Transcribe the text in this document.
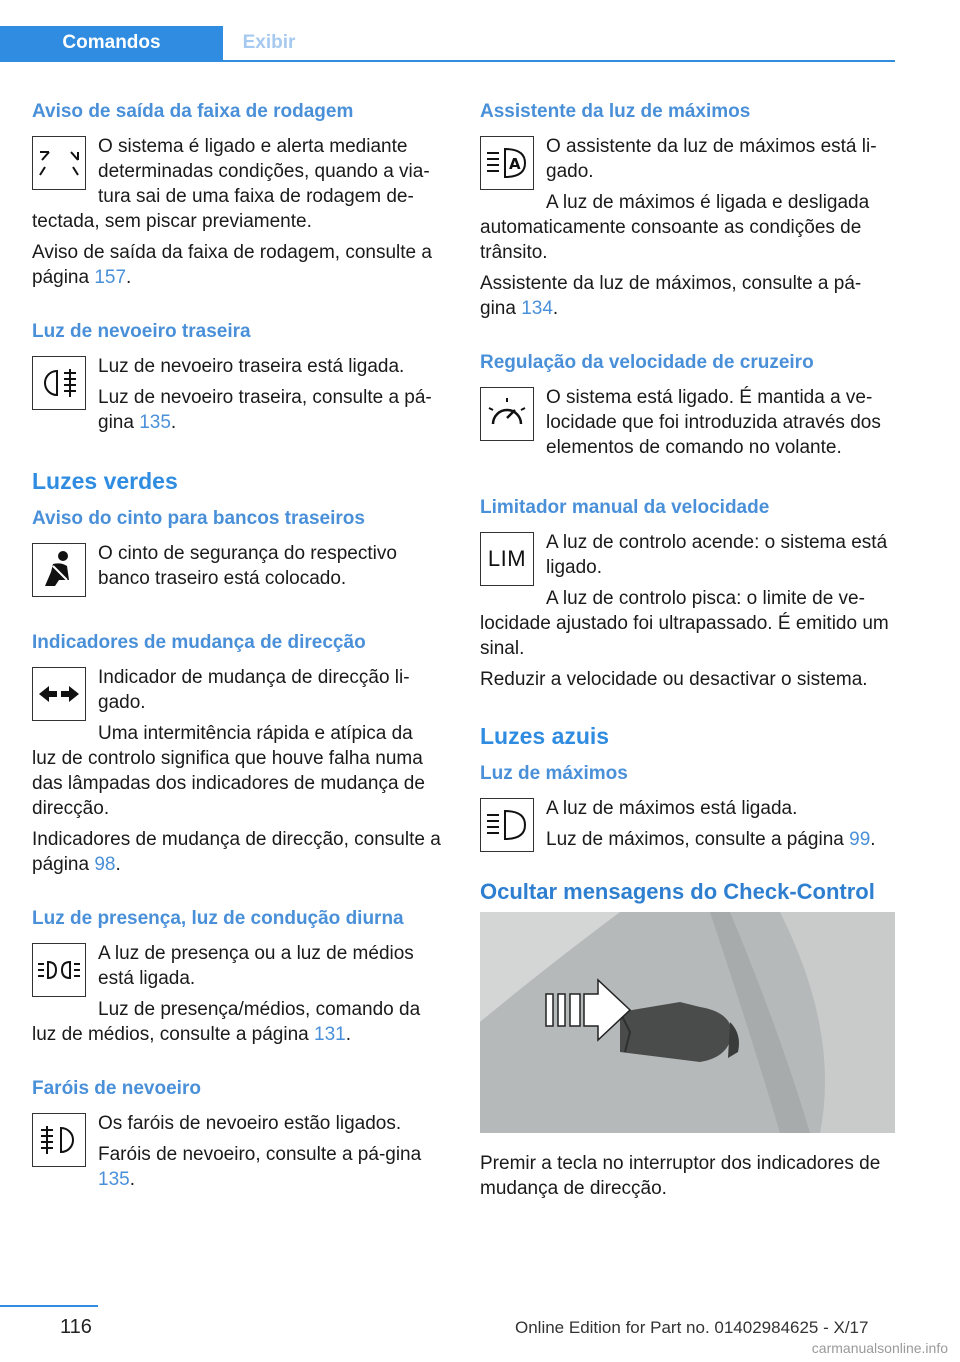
Comandos	Exibir
Aviso de saída da faixa de rodagem

O sistema é ligado e alerta mediante determinadas condições, quando a via-tura sai de uma faixa de rodagem de-

tectada, sem piscar previamente.

Aviso de saída da faixa de rodagem, consulte a página 157.

Luz de nevoeiro traseira

Luz de nevoeiro traseira está ligada.

Luz de nevoeiro traseira, consulte a pá-gina 135.

Luzes verdes
Aviso do cinto para bancos traseiros

O cinto de segurança do respectivo banco traseiro está colocado.

Indicadores de mudança de direcção

Indicador de mudança de direcção li-gado.

Uma intermitência rápida e atípica da

luz de controlo significa que houve falha numa das lâmpadas dos indicadores de mudança de direcção.

Indicadores de mudança de direcção, consulte a página 98.

Luz de presença, luz de condução diurna

A luz de presença ou a luz de médios está ligada.

Luz de presença/médios, comando da

luz de médios, consulte a página 131.

Faróis de nevoeiro

Os faróis de nevoeiro estão ligados.

Faróis de nevoeiro, consulte a pá-gina 135.

Assistente da luz de máximos
A

O assistente da luz de máximos está li-gado.

A luz de máximos é ligada e desligada

automaticamente consoante as condições de trânsito.

Assistente da luz de máximos, consulte a pá-gina 134.

Regulação da velocidade de cruzeiro

O sistema está ligado. É mantida a ve-locidade que foi introduzida através dos elementos de comando no volante.

Limitador manual da velocidade
LIM

A luz de controlo acende: o sistema está ligado.

A luz de controlo pisca: o limite de ve-

locidade ajustado foi ultrapassado. É emitido um sinal.

Reduzir a velocidade ou desactivar o sistema.

Luzes azuis
Luz de máximos

A luz de máximos está ligada.

Luz de máximos, consulte a página 99.

Ocultar mensagens do Check-Control

Premir a tecla no interruptor dos indicadores de mudança de direcção.

116	Online Edition for Part no. 01402984625 - X/17
carmanualsonline.info
